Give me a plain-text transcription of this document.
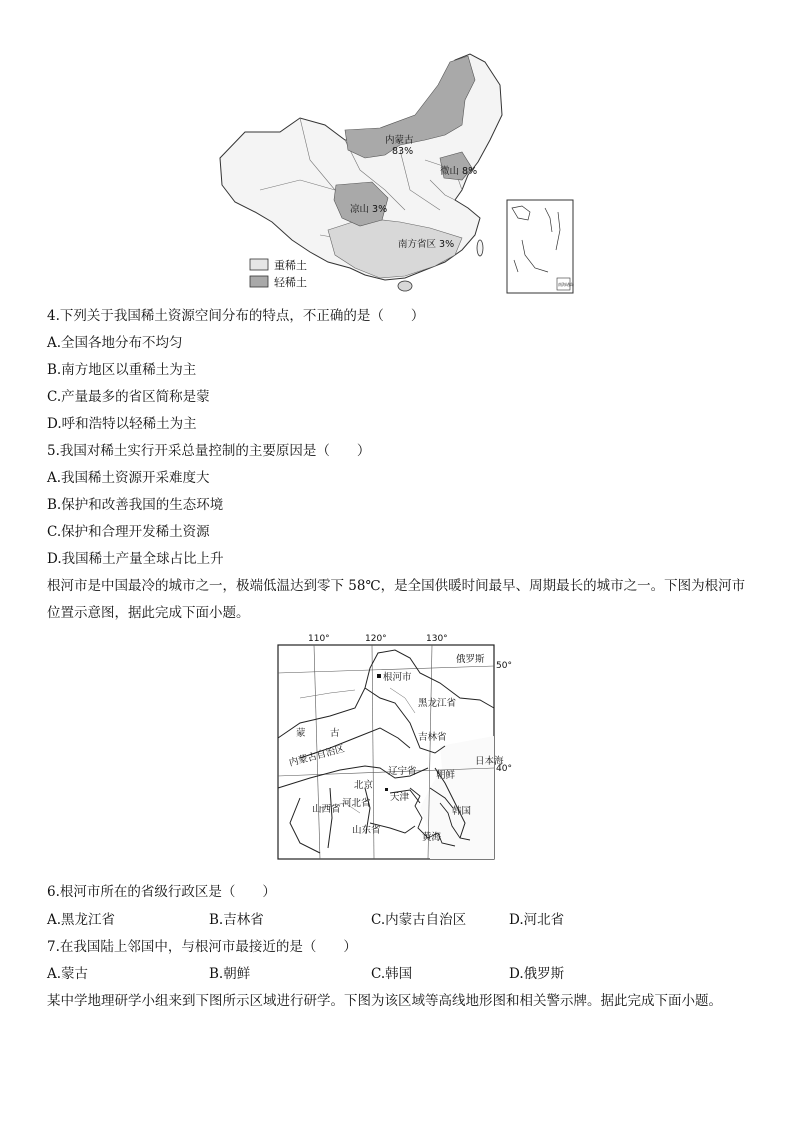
内蒙古
83%
微山 8%
凉山 3%
南方省区 3%
重稀土
轻稀土	南海诸岛
4.下列关于我国稀土资源空间分布的特点，不正确的是（　　）
A.全国各地分布不均匀
B.南方地区以重稀土为主
C.产量最多的省区简称是蒙
D.呼和浩特以轻稀土为主
5.我国对稀土实行开采总量控制的主要原因是（　　）
A.我国稀土资源开采难度大
B.保护和改善我国的生态环境
C.保护和合理开发稀土资源
D.我国稀土产量全球占比上升
根河市是中国最冷的城市之一，极端低温达到零下 58℃，是全国供暖时间最早、周期最长的城市之一。下图为根河市位置示意图，据此完成下面小题。
110°	120°	130°
50°
40°
根河市
俄罗斯
黑龙江省
蒙	古
内蒙古自治区
吉林省
辽宁省
北京
天津
河北省
山西省
山东省
朝鲜
韩国
日本海
黄海
6.根河市所在的省级行政区是（　　）
A.黑龙江省	B.吉林省	C.内蒙古自治区	D.河北省
7.在我国陆上邻国中，与根河市最接近的是（　　）
A.蒙古	B.朝鲜	C.韩国	D.俄罗斯
某中学地理研学小组来到下图所示区域进行研学。下图为该区域等高线地形图和相关警示牌。据此完成下面小题。
